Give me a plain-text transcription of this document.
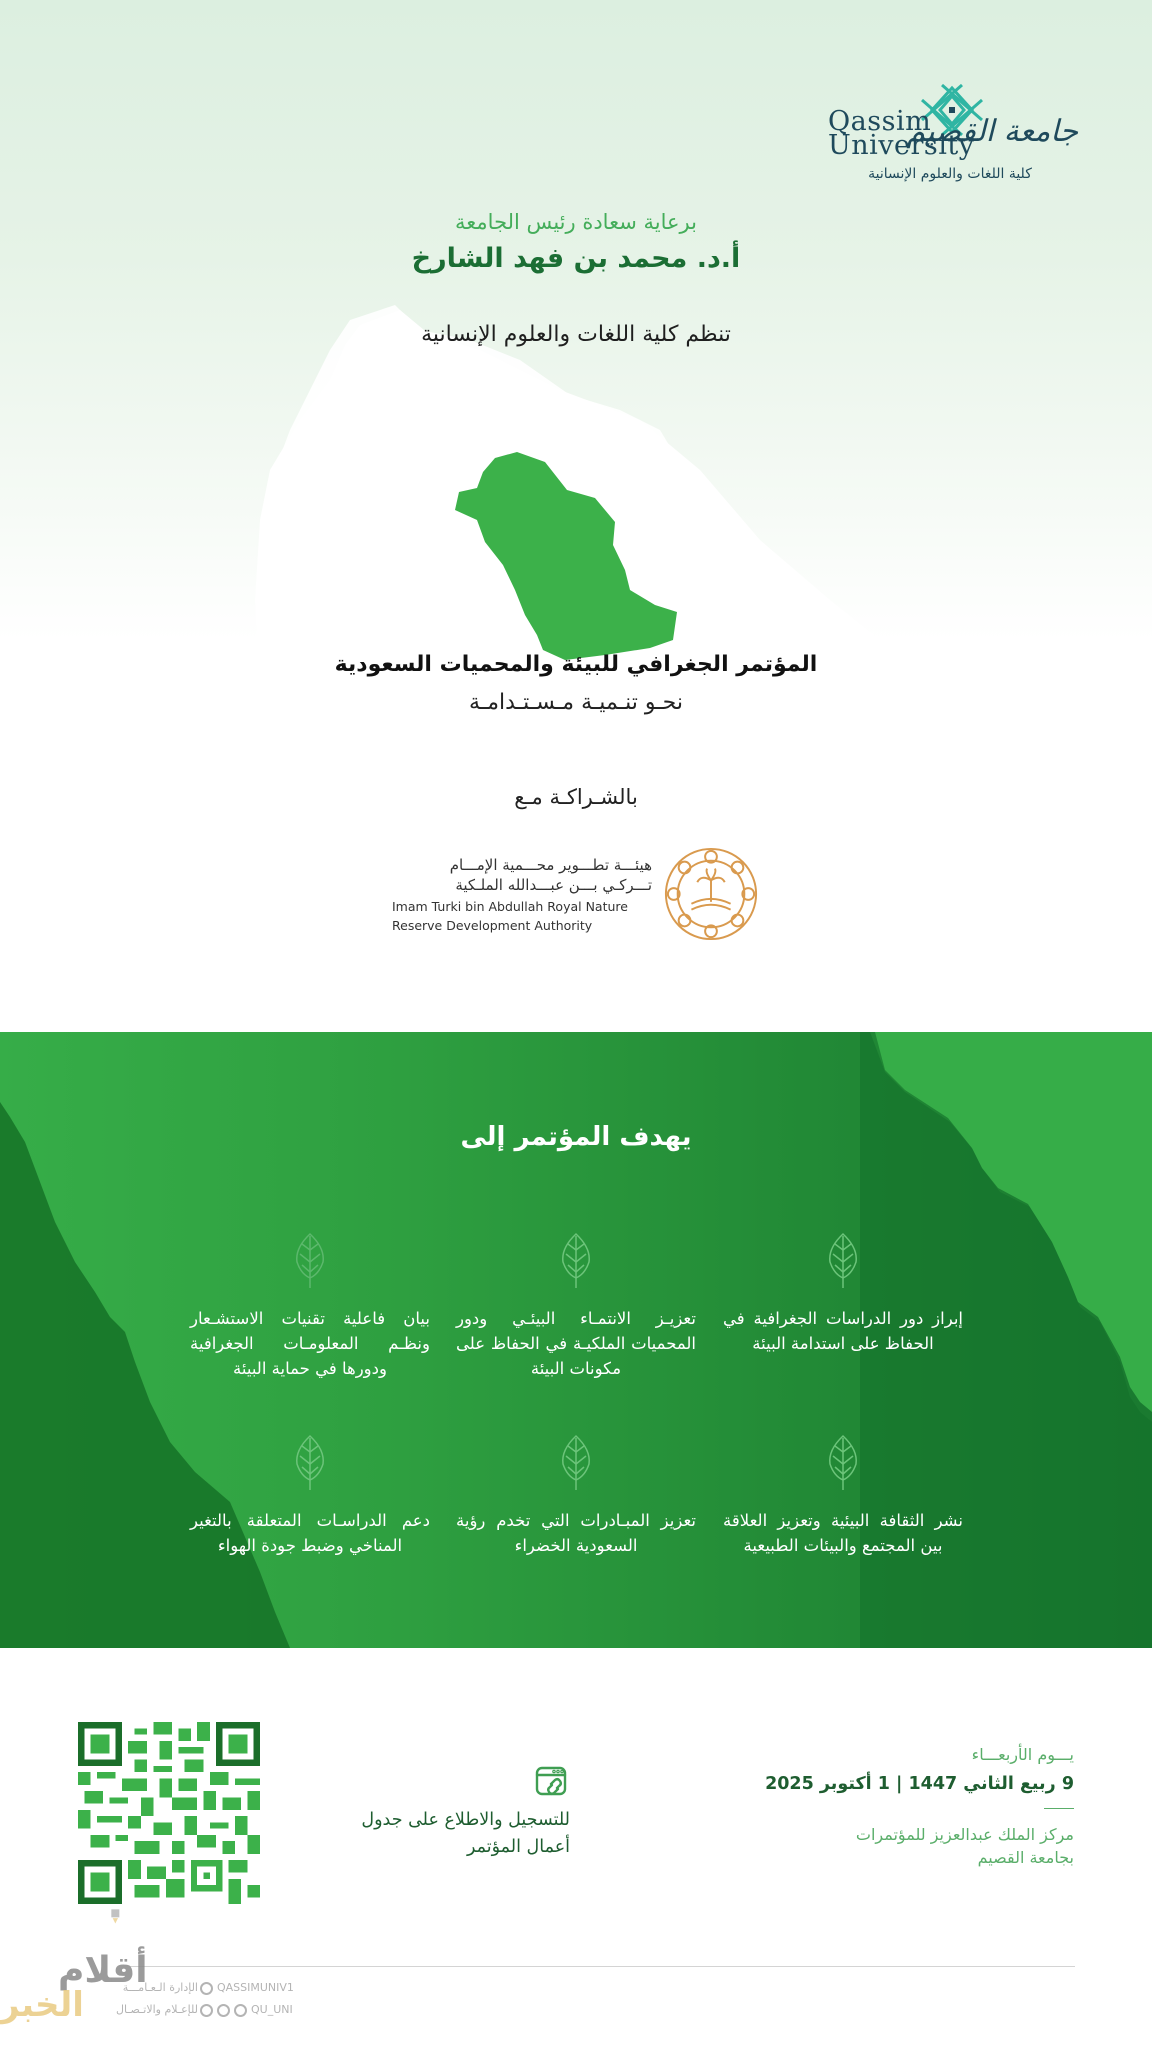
Qassim
University
جامعة القصيم
كلية اللغات والعلوم الإنسانية
برعاية سعادة رئيس الجامعة
أ.د. محمد بن فهد الشارخ
تنظم كلية اللغات والعلوم الإنسانية
المؤتمر الجغرافي للبيئة والمحميات السعودية
نحـو تنـميـة مـسـتـدامـة
بالشـراكـة مـع
هيئـــة تطـــوير محـــمية الإمـــام
تـــركـي بـــن عبـــدالله الملـكية
Imam Turki bin Abdullah Royal Nature
Reserve Development Authority
يهدف المؤتمر إلى
إبراز دور الدراسات الجغرافية في الحفاظ على استدامة البيئة
تعزيـز الانتمـاء البيئـي ودور المحميات الملكيـة في الحفاظ على مكونات البيئة
بيان فاعلية تقنيات الاستشـعار ونظـم المعلومـات الجغرافية ودورها في حماية البيئة
نشر الثقافة البيئية وتعزيز العلاقة بين المجتمع والبيئات الطبيعية
تعزيز المبـادرات التي تخدم رؤية السعودية الخضراء
دعم الدراسـات المتعلقة بالتغير المناخي وضبط جودة الهواء
يـــوم الأربعـــاء
9 ربيع الثاني 1447 | 1 أكتوبر 2025
مركز الملك عبدالعزيز للمؤتمرات
بجامعة القصيم
للتسجيل والاطلاع على جدول
أعمال المؤتمر
الإدارة الـعـامـــة
للإعـلام والاتـصـال
QASSIMUNIV1
QU_UNI
أقلام
الخبر
